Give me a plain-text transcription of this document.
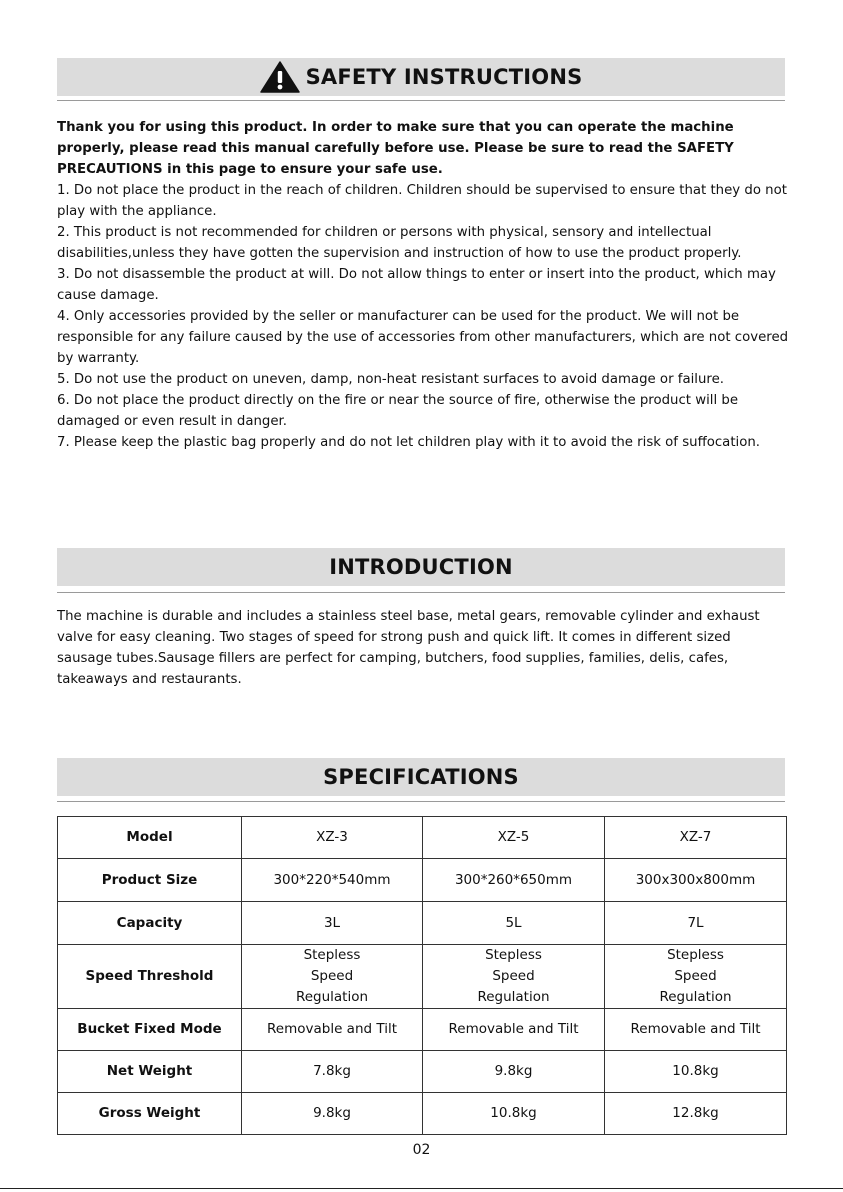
SAFETY INSTRUCTIONS

Thank you for using this product. In order to make sure that you can operate the machine properly, please read this manual carefully before use. Please be sure to read the SAFETY PRECAUTIONS in this page to ensure your safe use.

1. Do not place the product in the reach of children. Children should be supervised to ensure that they do not play with the appliance.

2. This product is not recommended for children or persons with physical, sensory and intellectual disabilities,unless they have gotten the supervision and instruction of how to use the product properly.

3. Do not disassemble the product at will. Do not allow things to enter or insert into the product, which may cause damage.

4. Only accessories provided by the seller or manufacturer can be used for the product. We will not be responsible for any failure caused by the use of accessories from other manufacturers, which are not covered by warranty.

5. Do not use the product on uneven, damp, non-heat resistant surfaces to avoid damage or failure.

6. Do not place the product directly on the fire or near the source of fire, otherwise the product will be damaged or even result in danger.

7. Please keep the plastic bag properly and do not let children play with it to avoid the risk of suffocation.

INTRODUCTION

The machine is durable and includes a stainless steel base, metal gears, removable cylinder and exhaust valve for easy cleaning. Two stages of speed for strong push and quick lift. It comes in different sized sausage tubes.Sausage fillers are perfect for camping, butchers, food supplies, families, delis, cafes, takeaways and restaurants.

SPECIFICATIONS
Model	XZ-3	XZ-5	XZ-7
Product Size	300*220*540mm	300*260*650mm	300x300x800mm
Capacity	3L	5L	7L
Speed Threshold	Stepless Speed Regulation	Stepless Speed Regulation	Stepless Speed Regulation
Bucket Fixed Mode	Removable and Tilt	Removable and Tilt	Removable and Tilt
Net Weight	7.8kg	9.8kg	10.8kg
Gross Weight	9.8kg	10.8kg	12.8kg
02
